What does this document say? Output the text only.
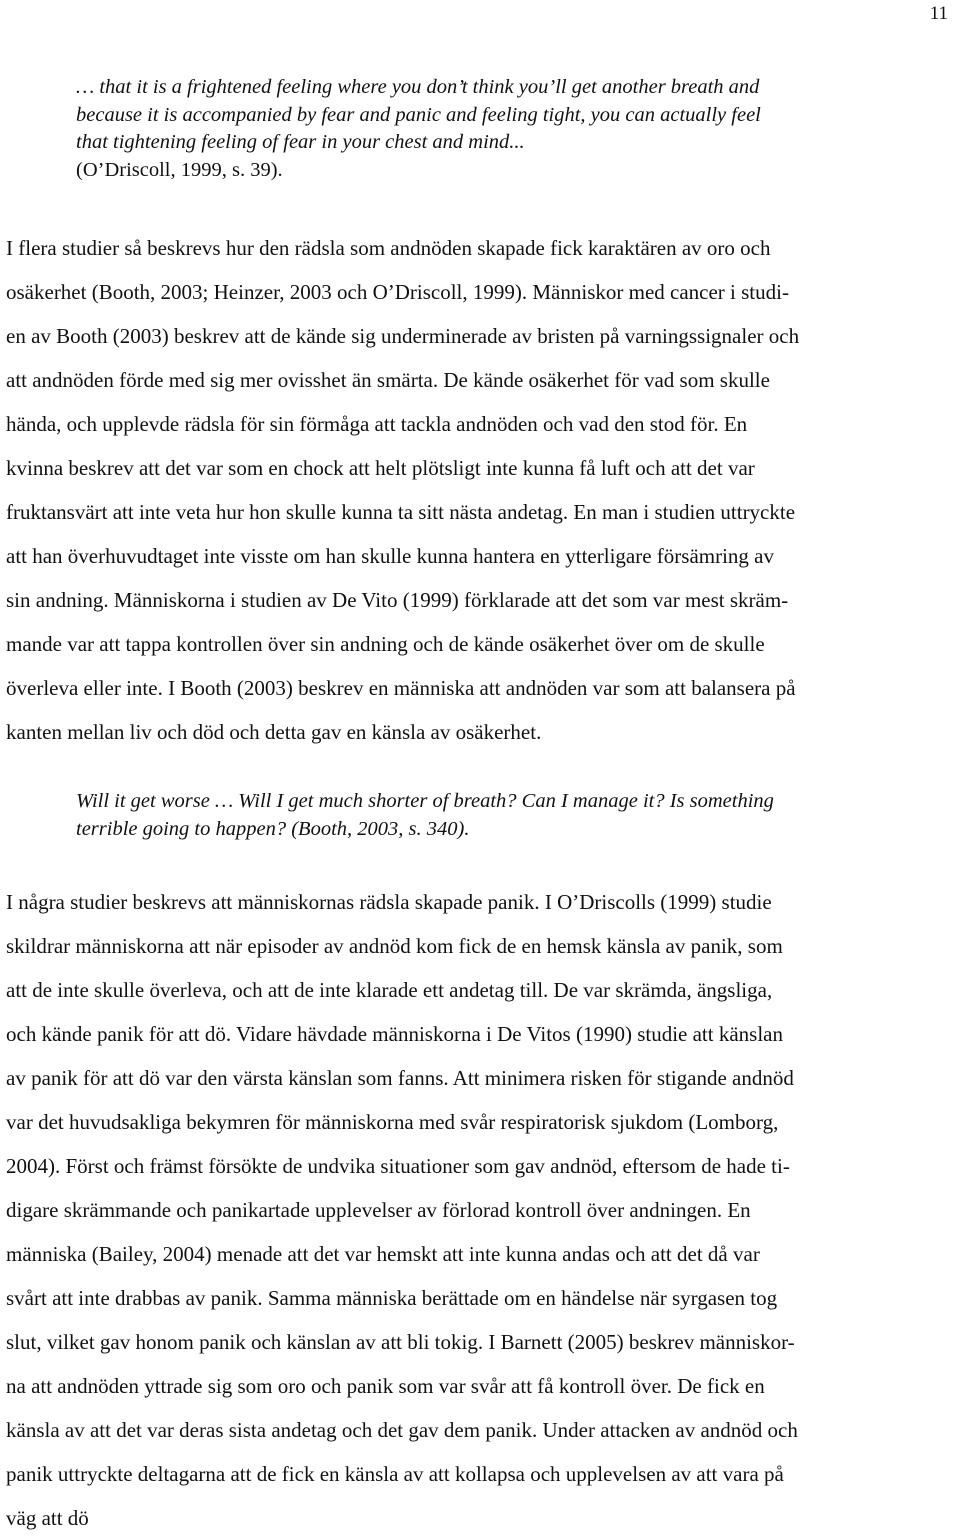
11
… that it is a frightened feeling where you don’t think you’ll get another breath and
because it is accompanied by fear and panic and feeling tight, you can actually feel
that tightening feeling of fear in your chest and mind...
(O’Driscoll, 1999, s. 39).
I flera studier så beskrevs hur den rädsla som andnöden skapade fick karaktären av oro och
osäkerhet (Booth, 2003; Heinzer, 2003 och O’Driscoll, 1999). Människor med cancer i studi-
en av Booth (2003) beskrev att de kände sig underminerade av bristen på varningssignaler och
att andnöden förde med sig mer ovisshet än smärta. De kände osäkerhet för vad som skulle
hända, och upplevde rädsla för sin förmåga att tackla andnöden och vad den stod för. En
kvinna beskrev att det var som en chock att helt plötsligt inte kunna få luft och att det var
fruktansvärt att inte veta hur hon skulle kunna ta sitt nästa andetag. En man i studien uttryckte
att han överhuvudtaget inte visste om han skulle kunna hantera en ytterligare försämring av
sin andning. Människorna i studien av De Vito (1999) förklarade att det som var mest skräm-
mande var att tappa kontrollen över sin andning och de kände osäkerhet över om de skulle
överleva eller inte. I Booth (2003) beskrev en människa att andnöden var som att balansera på
kanten mellan liv och död och detta gav en känsla av osäkerhet.
Will it get worse … Will I get much shorter of breath? Can I manage it? Is something
terrible going to happen? (Booth, 2003, s. 340).
I några studier beskrevs att människornas rädsla skapade panik. I O’Driscolls (1999) studie
skildrar människorna att när episoder av andnöd kom fick de en hemsk känsla av panik, som
att de inte skulle överleva, och att de inte klarade ett andetag till. De var skrämda, ängsliga,
och kände panik för att dö. Vidare hävdade människorna i De Vitos (1990) studie att känslan
av panik för att dö var den värsta känslan som fanns. Att minimera risken för stigande andnöd
var det huvudsakliga bekymren för människorna med svår respiratorisk sjukdom (Lomborg,
2004). Först och främst försökte de undvika situationer som gav andnöd, eftersom de hade ti-
digare skrämmande och panikartade upplevelser av förlorad kontroll över andningen. En
människa (Bailey, 2004) menade att det var hemskt att inte kunna andas och att det då var
svårt att inte drabbas av panik. Samma människa berättade om en händelse när syrgasen tog
slut, vilket gav honom panik och känslan av att bli tokig. I Barnett (2005) beskrev människor-
na att andnöden yttrade sig som oro och panik som var svår att få kontroll över. De fick en
känsla av att det var deras sista andetag och det gav dem panik. Under attacken av andnöd och
panik uttryckte deltagarna att de fick en känsla av att kollapsa och upplevelsen av att vara på
väg att dö
